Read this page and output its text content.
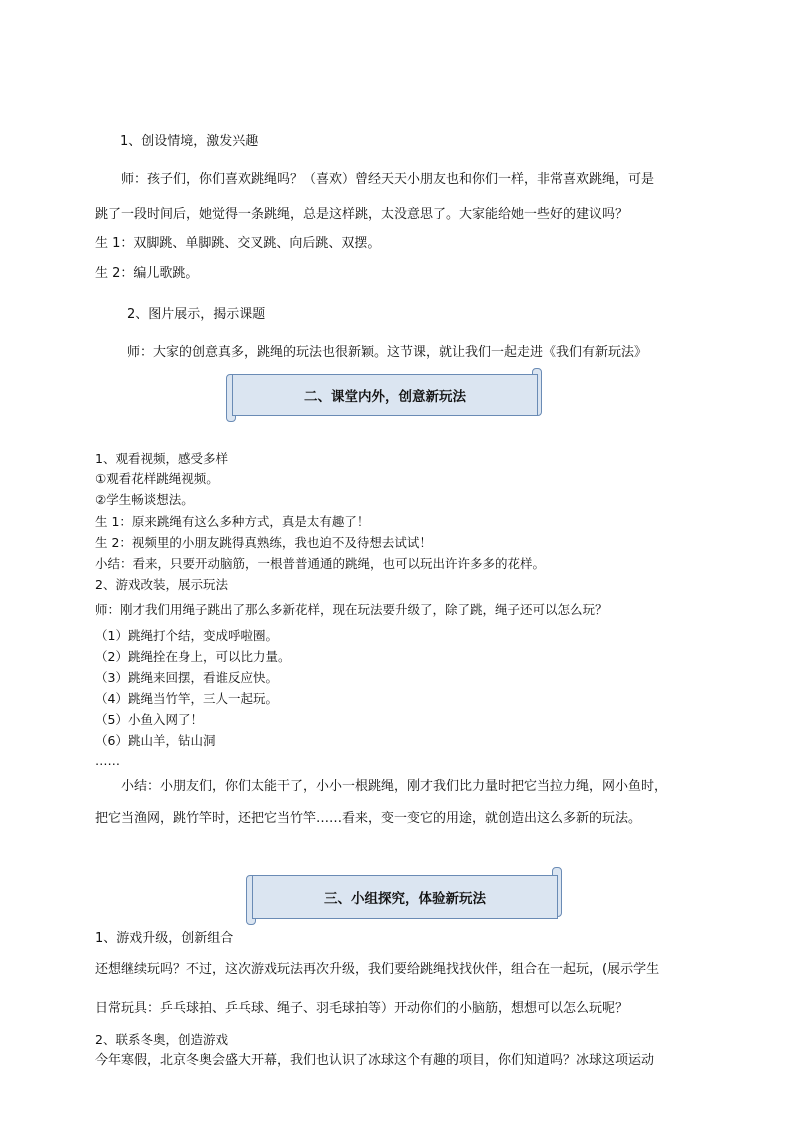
1、创设情境，激发兴趣
师：孩子们，你们喜欢跳绳吗？（喜欢）曾经天天小朋友也和你们一样，非常喜欢跳绳，可是
跳了一段时间后，她觉得一条跳绳，总是这样跳，太没意思了。大家能给她一些好的建议吗？
生 1：双脚跳、单脚跳、交叉跳、向后跳、双摆。
生 2：编儿歌跳。
2、图片展示，揭示课题
师：大家的创意真多，跳绳的玩法也很新颖。这节课，就让我们一起走进《我们有新玩法》
二、课堂内外，创意新玩法
1、观看视频，感受多样
①观看花样跳绳视频。
②学生畅谈想法。
生 1：原来跳绳有这么多种方式，真是太有趣了！
生 2：视频里的小朋友跳得真熟练，我也迫不及待想去试试！
小结：看来，只要开动脑筋，一根普普通通的跳绳，也可以玩出许许多多的花样。
2、游戏改装，展示玩法
师：刚才我们用绳子跳出了那么多新花样，现在玩法要升级了，除了跳，绳子还可以怎么玩？
（1）跳绳打个结，变成呼啦圈。
（2）跳绳拴在身上，可以比力量。
（3）跳绳来回摆，看谁反应快。
（4）跳绳当竹竿，三人一起玩。
（5）小鱼入网了！
（6）跳山羊，钻山洞
……
小结：小朋友们，你们太能干了，小小一根跳绳，刚才我们比力量时把它当拉力绳，网小鱼时，
把它当渔网，跳竹竿时，还把它当竹竿……看来，变一变它的用途，就创造出这么多新的玩法。
三、小组探究，体验新玩法
1、游戏升级，创新组合
还想继续玩吗？不过，这次游戏玩法再次升级，我们要给跳绳找找伙伴，组合在一起玩，(展示学生
日常玩具：乒乓球拍、乒乓球、绳子、羽毛球拍等）开动你们的小脑筋，想想可以怎么玩呢？
2、联系冬奥，创造游戏
今年寒假，北京冬奥会盛大开幕，我们也认识了冰球这个有趣的项目，你们知道吗？冰球这项运动
